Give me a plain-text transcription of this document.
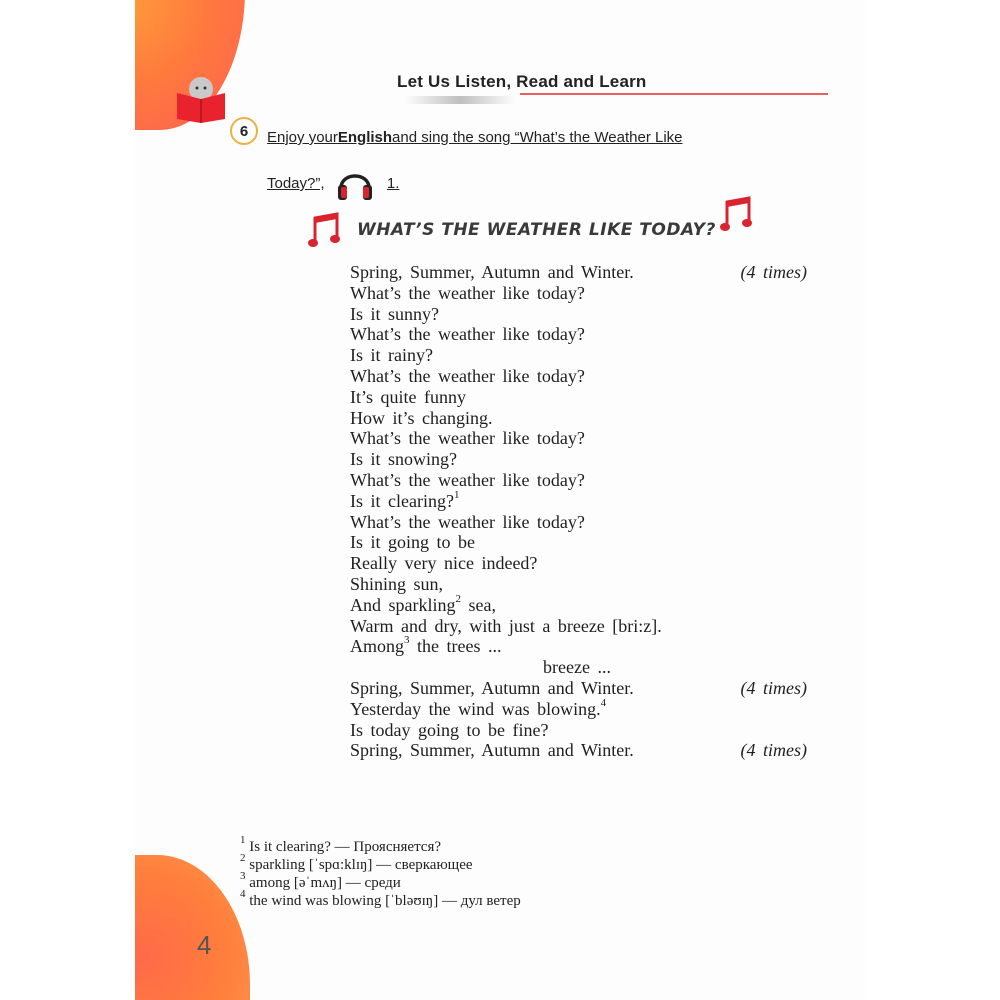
Let Us Listen, Read and Learn
6	Enjoy your English and sing the song “What’s the Weather Like
Today?”,	1.
WHAT’S THE WEATHER LIKE TODAY?
Spring, Summer, Autumn and Winter.	(4 times)
What’s the weather like today?
Is it sunny?
What’s the weather like today?
Is it rainy?
What’s the weather like today?
It’s quite funny
How it’s changing.
What’s the weather like today?
Is it snowing?
What’s the weather like today?
Is it clearing?$^1$
What’s the weather like today?
Is it going to be
Really very nice indeed?
Shining sun,
And sparkling$^2$ sea,
Warm and dry, with just a breeze [bri:z].
Among$^3$ the trees ...
breeze ...
Spring, Summer, Autumn and Winter.	(4 times)
Yesterday the wind was blowing.$^4$
Is today going to be fine?
Spring, Summer, Autumn and Winter.	(4 times)
$^1$ Is it clearing? — Проясняется?
$^2$ sparkling [ˈspɑ:klɪŋ] — сверкающее
$^3$ among [əˈmʌŋ] — среди
$^4$ the wind was blowing [ˈbləʊɪŋ] — дул ветер
4
